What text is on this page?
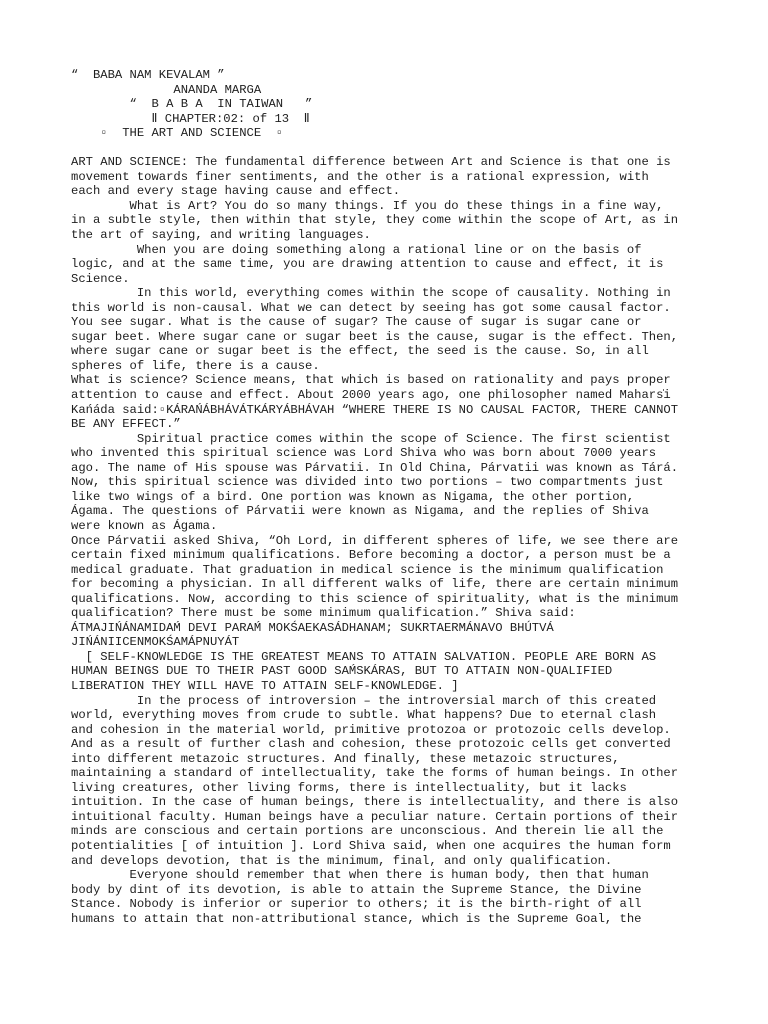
“  BABA NAM KEVALAM ”
ANANDA MARGA
“  B A B A  IN TAIWAN   ”
Ⅱ CHAPTER:02: of 13  Ⅱ
▫  THE ART AND SCIENCE  ▫
ART AND SCIENCE: The fundamental difference between Art and Science is that one is
movement towards finer sentiments, and the other is a rational expression, with
each and every stage having cause and effect.
What is Art? You do so many things. If you do these things in a fine way,
in a subtle style, then within that style, they come within the scope of Art, as in
the art of saying, and writing languages.
When you are doing something along a rational line or on the basis of
logic, and at the same time, you are drawing attention to cause and effect, it is
Science.
In this world, everything comes within the scope of causality. Nothing in
this world is non-causal. What we can detect by seeing has got some causal factor.
You see sugar. What is the cause of sugar? The cause of sugar is sugar cane or
sugar beet. Where sugar cane or sugar beet is the cause, sugar is the effect. Then,
where sugar cane or sugar beet is the effect, the seed is the cause. So, in all
spheres of life, there is a cause.
What is science? Science means, that which is based on rationality and pays proper
attention to cause and effect. About 2000 years ago, one philosopher named Mahars̍i
Kańáda said:▫KÁRAŃÁBHÁVÁTKÁRYÁBHÁVAH “WHERE THERE IS NO CAUSAL FACTOR, THERE CANNOT
BE ANY EFFECT.”
Spiritual practice comes within the scope of Science. The first scientist
who invented this spiritual science was Lord Shiva who was born about 7000 years
ago. The name of His spouse was Párvatii. In Old China, Párvatii was known as Tárá.
Now, this spiritual science was divided into two portions – two compartments just
like two wings of a bird. One portion was known as Nigama, the other portion,
Ágama. The questions of Párvatii were known as Nigama, and the replies of Shiva
were known as Ágama.
Once Párvatii asked Shiva, “Oh Lord, in different spheres of life, we see there are
certain fixed minimum qualifications. Before becoming a doctor, a person must be a
medical graduate. That graduation in medical science is the minimum qualification
for becoming a physician. In all different walks of life, there are certain minimum
qualifications. Now, according to this science of spirituality, what is the minimum
qualification? There must be some minimum qualification.” Shiva said:
ÁTMAJIŃÁNAMIDAḾ DEVI PARAḾ MOKŚAEKASÁDHANAM; SUKRTAERMÁNAVO BHÚTVÁ
JIŃÁNIICENMOKŚAMÁPNUYÁT
[ SELF-KNOWLEDGE IS THE GREATEST MEANS TO ATTAIN SALVATION. PEOPLE ARE BORN AS
HUMAN BEINGS DUE TO THEIR PAST GOOD SAḾSKÁRAS, BUT TO ATTAIN NON-QUALIFIED
LIBERATION THEY WILL HAVE TO ATTAIN SELF-KNOWLEDGE. ]
In the process of introversion – the introversial march of this created
world, everything moves from crude to subtle. What happens? Due to eternal clash
and cohesion in the material world, primitive protozoa or protozoic cells develop.
And as a result of further clash and cohesion, these protozoic cells get converted
into different metazoic structures. And finally, these metazoic structures,
maintaining a standard of intellectuality, take the forms of human beings. In other
living creatures, other living forms, there is intellectuality, but it lacks
intuition. In the case of human beings, there is intellectuality, and there is also
intuitional faculty. Human beings have a peculiar nature. Certain portions of their
minds are conscious and certain portions are unconscious. And therein lie all the
potentialities [ of intuition ]. Lord Shiva said, when one acquires the human form
and develops devotion, that is the minimum, final, and only qualification.
Everyone should remember that when there is human body, then that human
body by dint of its devotion, is able to attain the Supreme Stance, the Divine
Stance. Nobody is inferior or superior to others; it is the birth-right of all
humans to attain that non-attributional stance, which is the Supreme Goal, the
